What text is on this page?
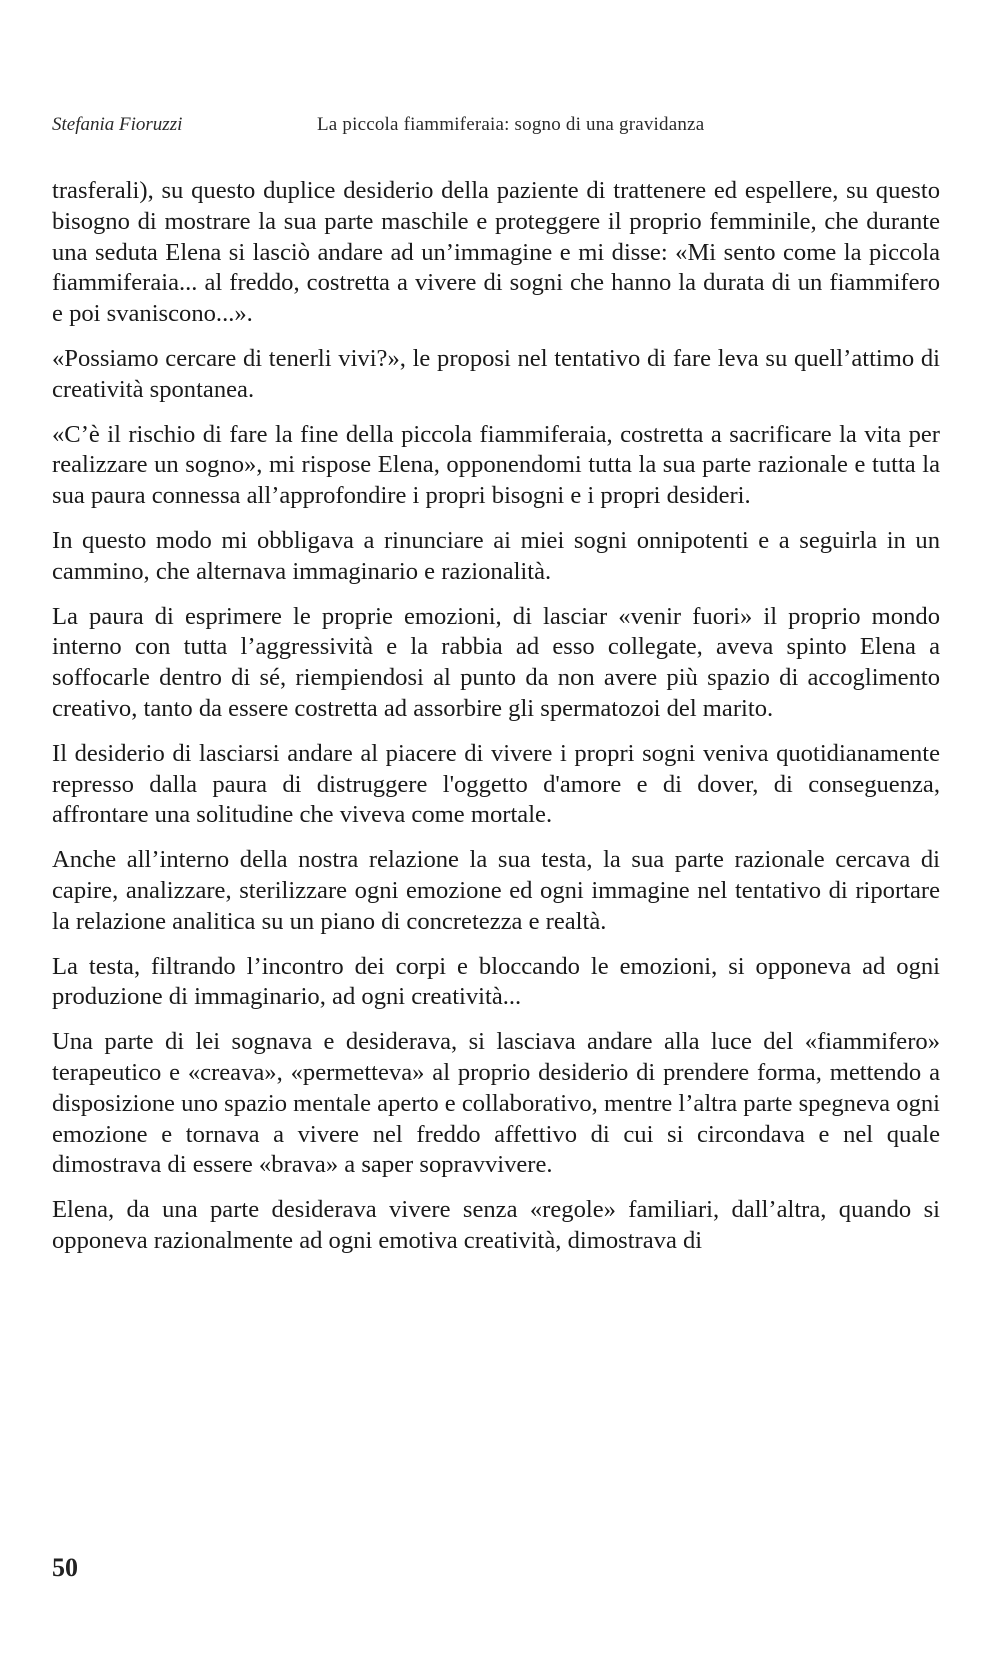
Stefania Fioruzzi	La piccola fiammiferaia: sogno di una gravidanza

trasferali), su questo duplice desiderio della paziente di trattenere ed espellere, su questo bisogno di mostrare la sua parte maschile e proteggere il proprio femminile, che durante una seduta Elena si lasciò andare ad un’immagine e mi disse: «Mi sento come la piccola fiammiferaia... al freddo, costretta a vivere di sogni che hanno la durata di un fiammifero e poi svaniscono...».

«Possiamo cercare di tenerli vivi?», le proposi nel tentativo di fare leva su quell’attimo di creatività spontanea.

«C’è il rischio di fare la fine della piccola fiammiferaia, costretta a sacrificare la vita per realizzare un sogno», mi rispose Elena, opponendomi tutta la sua parte razionale e tutta la sua paura connessa all’approfondire i propri bisogni e i propri desideri.

In questo modo mi obbligava a rinunciare ai miei sogni onnipotenti e a seguirla in un cammino, che alternava immaginario e razionalità.

La paura di esprimere le proprie emozioni, di lasciar «venir fuori» il proprio mondo interno con tutta l’aggressività e la rabbia ad esso collegate, aveva spinto Elena a soffocarle dentro di sé, riempiendosi al punto da non avere più spazio di accoglimento creativo, tanto da essere costretta ad assorbire gli spermatozoi del marito.

Il desiderio di lasciarsi andare al piacere di vivere i propri sogni veniva quotidianamente represso dalla paura di distruggere l'oggetto d'amore e di dover, di conseguenza, affrontare una solitudine che viveva come mortale.

Anche all’interno della nostra relazione la sua testa, la sua parte razionale cercava di capire, analizzare, sterilizzare ogni emozione ed ogni immagine nel tentativo di riportare la relazione analitica su un piano di concretezza e realtà.

La testa, filtrando l’incontro dei corpi e bloccando le emozioni, si opponeva ad ogni produzione di immaginario, ad ogni creatività...

Una parte di lei sognava e desiderava, si lasciava andare alla luce del «fiammifero» terapeutico e «creava», «permetteva» al proprio desiderio di prendere forma, mettendo a disposizione uno spazio mentale aperto e collaborativo, mentre l’altra parte spegneva ogni emozione e tornava a vivere nel freddo affettivo di cui si circondava e nel quale dimostrava di essere «brava» a saper sopravvivere.

Elena, da una parte desiderava vivere senza «regole» familiari, dall’altra, quando si opponeva razionalmente ad ogni emotiva creatività, dimostrava di

50
